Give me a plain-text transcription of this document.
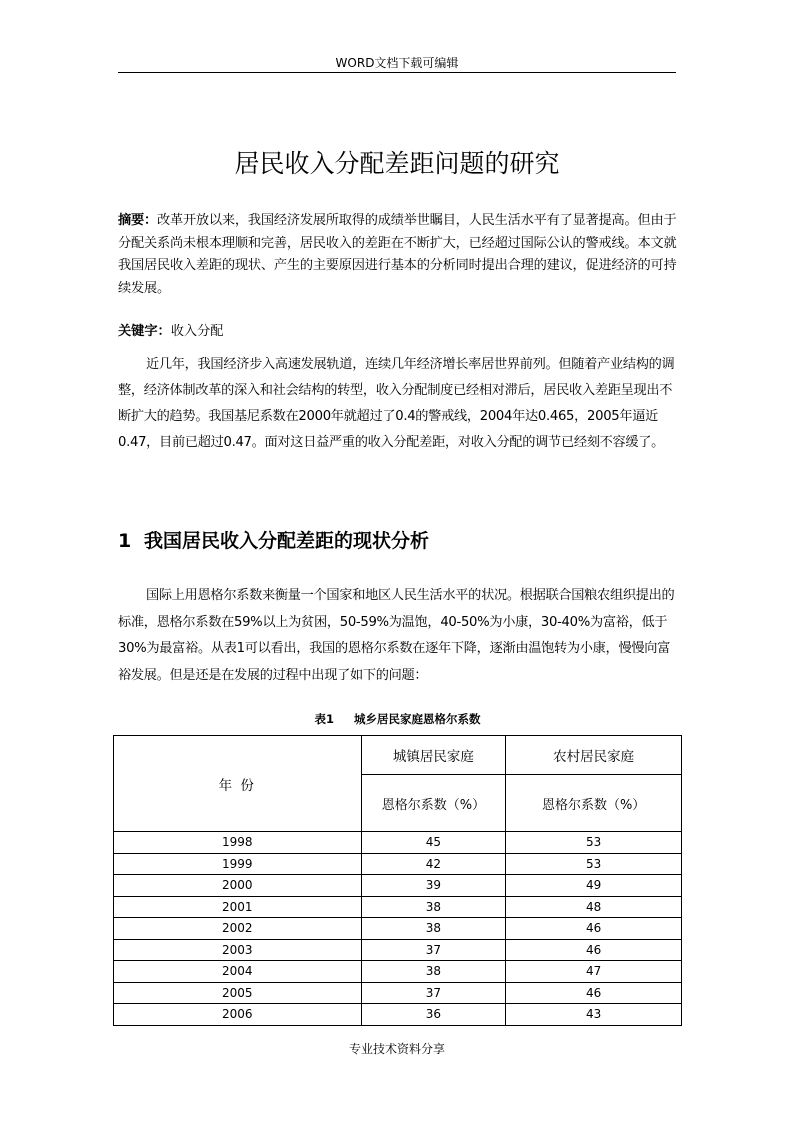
WORD文档下载可编辑
居民收入分配差距问题的研究

摘要：改革开放以来，我国经济发展所取得的成绩举世瞩目，人民生活水平有了显著提高。但由于分配关系尚未根本理顺和完善，居民收入的差距在不断扩大，已经超过国际公认的警戒线。本文就我国居民收入差距的现状、产生的主要原因进行基本的分析同时提出合理的建议，促进经济的可持续发展。

关键字：收入分配

近几年，我国经济步入高速发展轨道，连续几年经济增长率居世界前列。但随着产业结构的调整，经济体制改革的深入和社会结构的转型，收入分配制度已经相对滞后，居民收入差距呈现出不断扩大的趋势。我国基尼系数在2000年就超过了0.4的警戒线，2004年达0.465，2005年逼近0.47，目前已超过0.47。面对这日益严重的收入分配差距，对收入分配的调节已经刻不容缓了。

1 我国居民收入分配差距的现状分析

国际上用恩格尔系数来衡量一个国家和地区人民生活水平的状况。根据联合国粮农组织提出的标准，恩格尔系数在59%以上为贫困，50-59%为温饱，40-50%为小康，30-40%为富裕，低于30%为最富裕。从表1可以看出，我国的恩格尔系数在逐年下降，逐渐由温饱转为小康，慢慢向富裕发展。但是还是在发展的过程中出现了如下的问题：

表1 城乡居民家庭恩格尔系数
年 份	城镇居民家庭	农村居民家庭
	恩格尔系数（%）	恩格尔系数（%）
1998	45	53
1999	42	53
2000	39	49
2001	38	48
2002	38	46
2003	37	46
2004	38	47
2005	37	46
2006	36	43
专业技术资料分享
